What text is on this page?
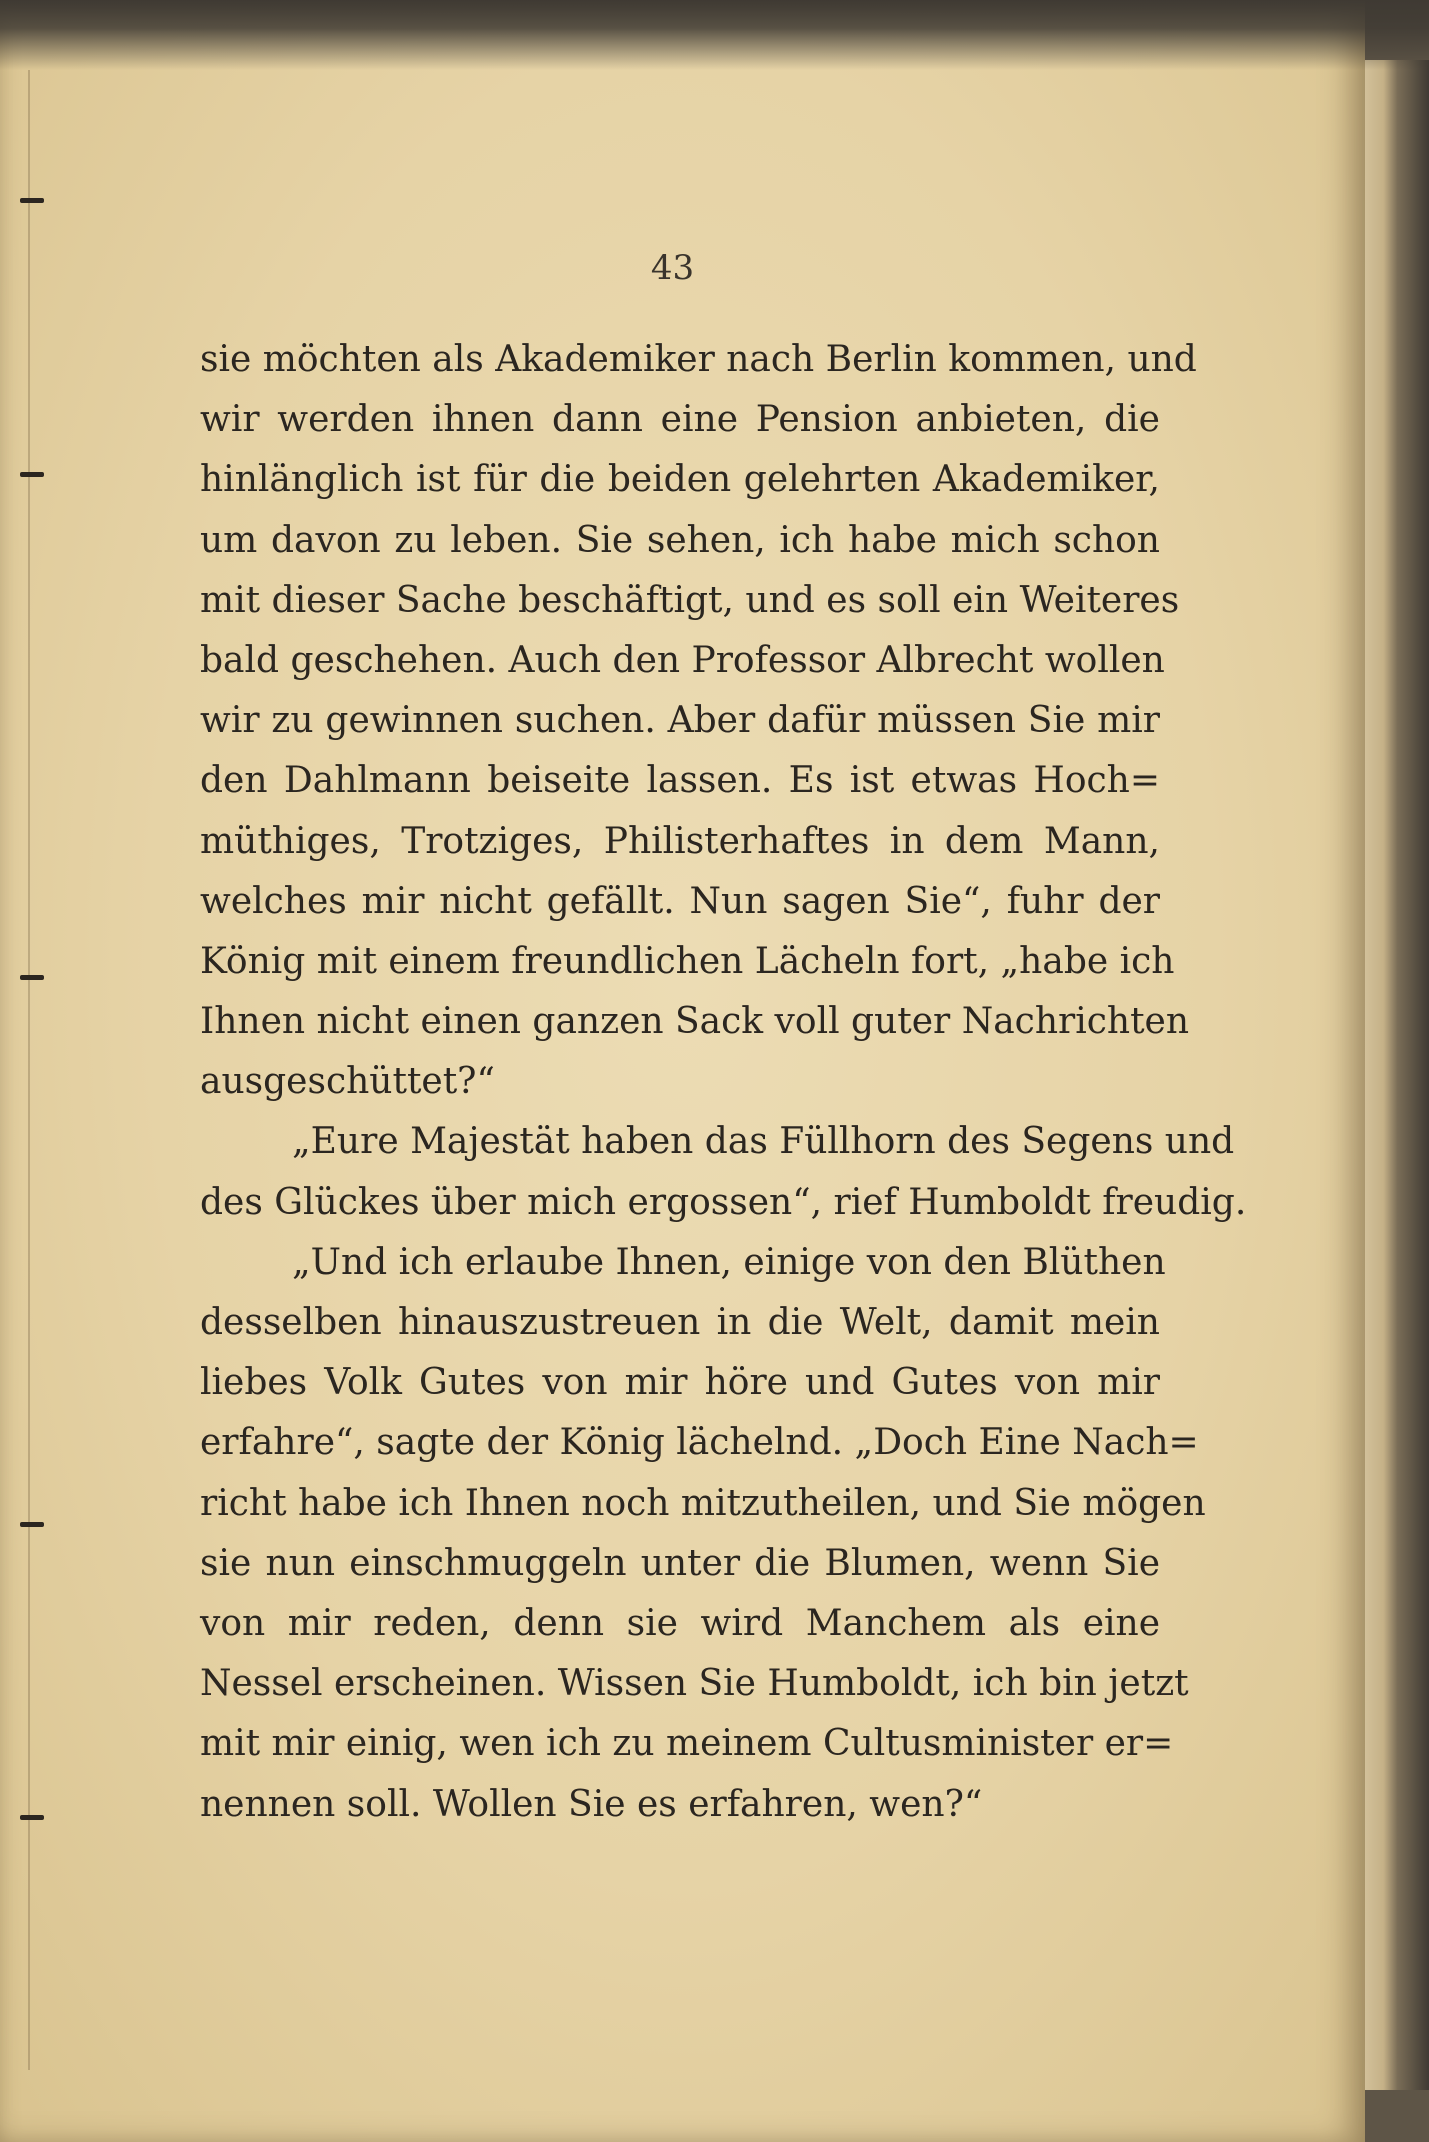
43
sie möchten als Akademiker nach Berlin kommen, und
wir werden ihnen dann eine Pension anbieten, die
hinlänglich ist für die beiden gelehrten Akademiker,
um davon zu leben. Sie sehen, ich habe mich schon
mit dieser Sache beschäftigt, und es soll ein Weiteres
bald geschehen. Auch den Professor Albrecht wollen
wir zu gewinnen suchen. Aber dafür müssen Sie mir
den Dahlmann beiseite lassen. Es ist etwas Hoch=
müthiges, Trotziges, Philisterhaftes in dem Mann,
welches mir nicht gefällt. Nun sagen Sie“, fuhr der
König mit einem freundlichen Lächeln fort, „habe ich
Ihnen nicht einen ganzen Sack voll guter Nachrichten
ausgeschüttet?“
„Eure Majestät haben das Füllhorn des Segens und
des Glückes über mich ergossen“, rief Humboldt freudig.
„Und ich erlaube Ihnen, einige von den Blüthen
desselben hinauszustreuen in die Welt, damit mein
liebes Volk Gutes von mir höre und Gutes von mir
erfahre“, sagte der König lächelnd. „Doch Eine Nach=
richt habe ich Ihnen noch mitzutheilen, und Sie mögen
sie nun einschmuggeln unter die Blumen, wenn Sie
von mir reden, denn sie wird Manchem als eine
Nessel erscheinen. Wissen Sie Humboldt, ich bin jetzt
mit mir einig, wen ich zu meinem Cultusminister er=
nennen soll. Wollen Sie es erfahren, wen?“
